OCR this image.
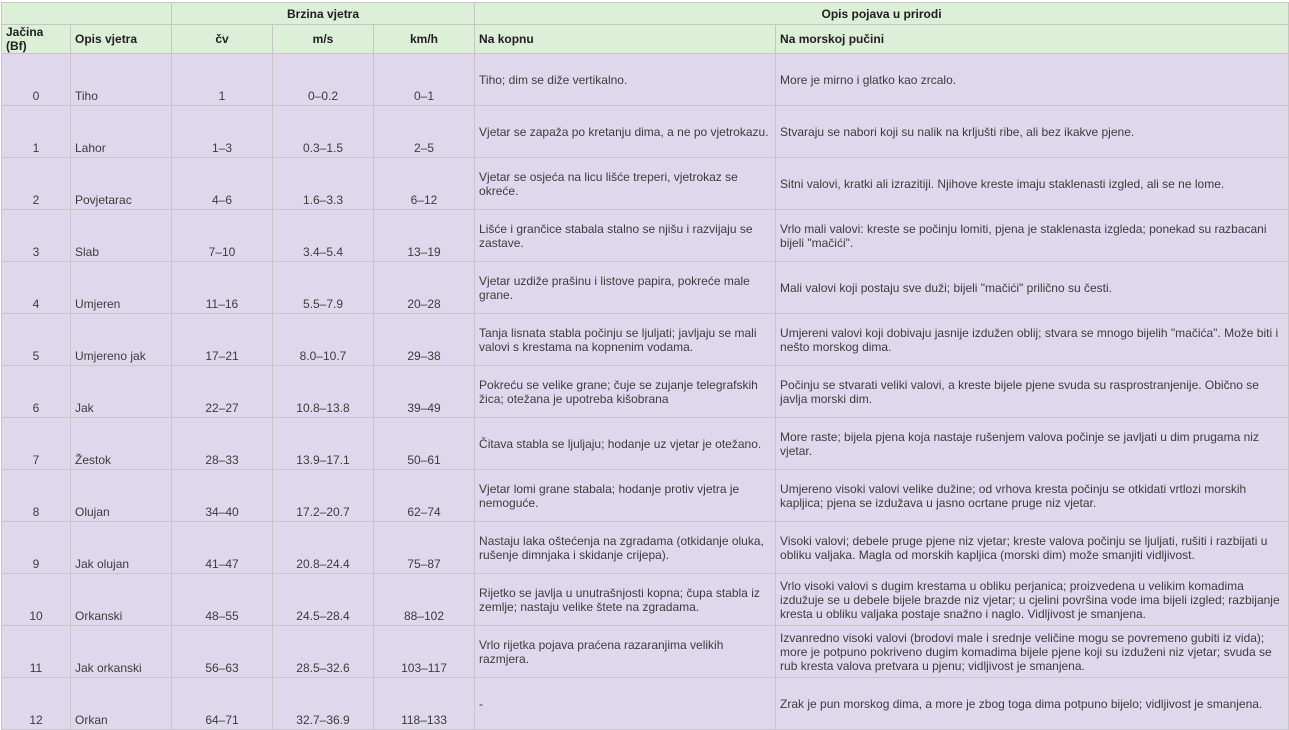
		Brzina vjetra			Opis pojava u prirodi	
Jačina (Bf)	Opis vjetra	čv	m/s	km/h	Na kopnu	Na morskoj pučini
0	Tiho	1	0–0.2	0–1	Tiho; dim se diže vertikalno.	More je mirno i glatko kao zrcalo.
1	Lahor	1–3	0.3–1.5	2–5	Vjetar se zapaža po kretanju dima, a ne po vjetrokazu.	Stvaraju se nabori koji su nalik na krljušti ribe, ali bez ikakve pjene.
2	Povjetarac	4–6	1.6–3.3	6–12	Vjetar se osjeća na licu lišće treperi, vjetrokaz se okreće.	Sitni valovi, kratki ali izrazitiji. Njihove kreste imaju staklenasti izgled, ali se ne lome.
3	Slab	7–10	3.4–5.4	13–19	Lišće i grančice stabala stalno se njišu i razvijaju se zastave.	Vrlo mali valovi: kreste se počinju lomiti, pjena je staklenasta izgleda; ponekad su razbacani bijeli "mačići".
4	Umjeren	11–16	5.5–7.9	20–28	Vjetar uzdiže prašinu i listove papira, pokreće male grane.	Mali valovi koji postaju sve duži; bijeli "mačići" prilično su česti.
5	Umjereno jak	17–21	8.0–10.7	29–38	Tanja lisnata stabla počinju se ljuljati; javljaju se mali valovi s krestama na kopnenim vodama.	Umjereni valovi koji dobivaju jasnije izdužen oblij; stvara se mnogo bijelih "mačića". Može biti i nešto morskog dima.
6	Jak	22–27	10.8–13.8	39–49	Pokreću se velike grane; čuje se zujanje telegrafskih žica; otežana je upotreba kišobrana	Počinju se stvarati veliki valovi, a kreste bijele pjene svuda su rasprostranjenije. Obično se javlja morski dim.
7	Žestok	28–33	13.9–17.1	50–61	Čitava stabla se ljuljaju; hodanje uz vjetar je otežano.	More raste; bijela pjena koja nastaje rušenjem valova počinje se javljati u dim prugama niz vjetar.
8	Olujan	34–40	17.2–20.7	62–74	Vjetar lomi grane stabala; hodanje protiv vjetra je nemoguće.	Umjereno visoki valovi velike dužine; od vrhova kresta počinju se otkidati vrtlozi morskih kapljica; pjena se izdužava u jasno ocrtane pruge niz vjetar.
9	Jak olujan	41–47	20.8–24.4	75–87	Nastaju laka oštećenja na zgradama (otkidanje oluka, rušenje dimnjaka i skidanje crijepa).	Visoki valovi; debele pruge pjene niz vjetar; kreste valova počinju se ljuljati, rušiti i razbijati u obliku valjaka. Magla od morskih kapljica (morski dim) može smanjiti vidljivost.
10	Orkanski	48–55	24.5–28.4	88–102	Rijetko se javlja u unutrašnjosti kopna; čupa stabla iz zemlje; nastaju velike štete na zgradama.	Vrlo visoki valovi s dugim krestama u obliku perjanica; proizvedena u velikim komadima izdužuje se u debele bijele brazde niz vjetar; u cjelini površina vode ima bijeli izgled; razbijanje kresta u obliku valjaka postaje snažno i naglo. Vidljivost je smanjena.
11	Jak orkanski	56–63	28.5–32.6	103–117	Vrlo rijetka pojava praćena razaranjima velikih razmjera.	Izvanredno visoki valovi (brodovi male i srednje veličine mogu se povremeno gubiti iz vida); more je potpuno pokriveno dugim komadima bijele pjene koji su izduženi niz vjetar; svuda se rub kresta valova pretvara u pjenu; vidljivost je smanjena.
12	Orkan	64–71	32.7–36.9	118–133	-	Zrak je pun morskog dima, a more je zbog toga dima potpuno bijelo; vidljivost je smanjena.
